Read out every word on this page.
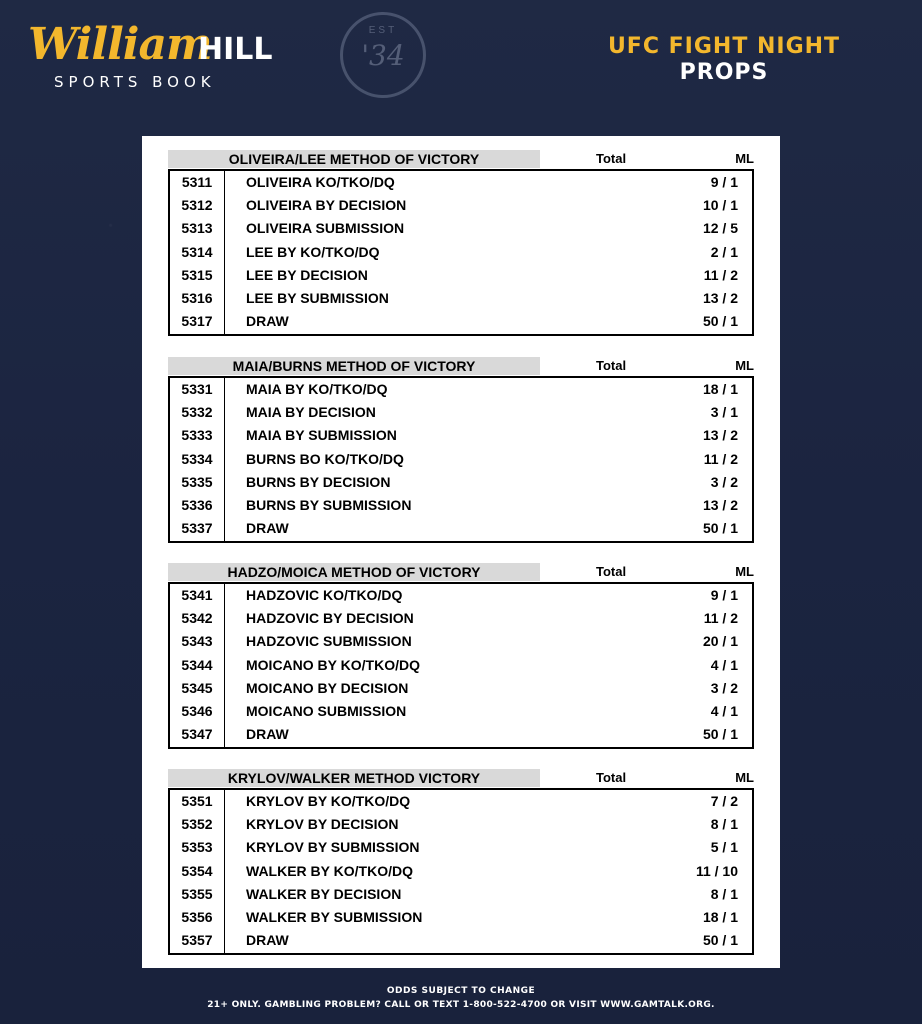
William
HILL
SPORTS BOOK
EST
'34	UFC FIGHT NIGHT
PROPS
OLIVEIRA/LEE METHOD OF VICTORY	Total	ML
5311	OLIVEIRA KO/TKO/DQ	9 / 1
5312	OLIVEIRA BY DECISION	10 / 1
5313	OLIVEIRA SUBMISSION	12 / 5
5314	LEE BY KO/TKO/DQ	2 / 1
5315	LEE BY DECISION	11 / 2
5316	LEE BY SUBMISSION	13 / 2
5317	DRAW	50 / 1
MAIA/BURNS METHOD OF VICTORY	Total	ML
5331	MAIA BY KO/TKO/DQ	18 / 1
5332	MAIA BY DECISION	3 / 1
5333	MAIA BY SUBMISSION	13 / 2
5334	BURNS BO KO/TKO/DQ	11 / 2
5335	BURNS BY DECISION	3 / 2
5336	BURNS BY SUBMISSION	13 / 2
5337	DRAW	50 / 1
HADZO/MOICA METHOD OF VICTORY	Total	ML
5341	HADZOVIC KO/TKO/DQ	9 / 1
5342	HADZOVIC BY DECISION	11 / 2
5343	HADZOVIC SUBMISSION	20 / 1
5344	MOICANO BY KO/TKO/DQ	4 / 1
5345	MOICANO BY DECISION	3 / 2
5346	MOICANO SUBMISSION	4 / 1
5347	DRAW	50 / 1
KRYLOV/WALKER METHOD VICTORY	Total	ML
5351	KRYLOV BY KO/TKO/DQ	7 / 2
5352	KRYLOV BY DECISION	8 / 1
5353	KRYLOV BY SUBMISSION	5 / 1
5354	WALKER BY KO/TKO/DQ	11 / 10
5355	WALKER BY DECISION	8 / 1
5356	WALKER BY SUBMISSION	18 / 1
5357	DRAW	50 / 1
ODDS SUBJECT TO CHANGE
21+ ONLY. GAMBLING PROBLEM? CALL OR TEXT 1-800-522-4700 OR VISIT WWW.GAMTALK.ORG.
